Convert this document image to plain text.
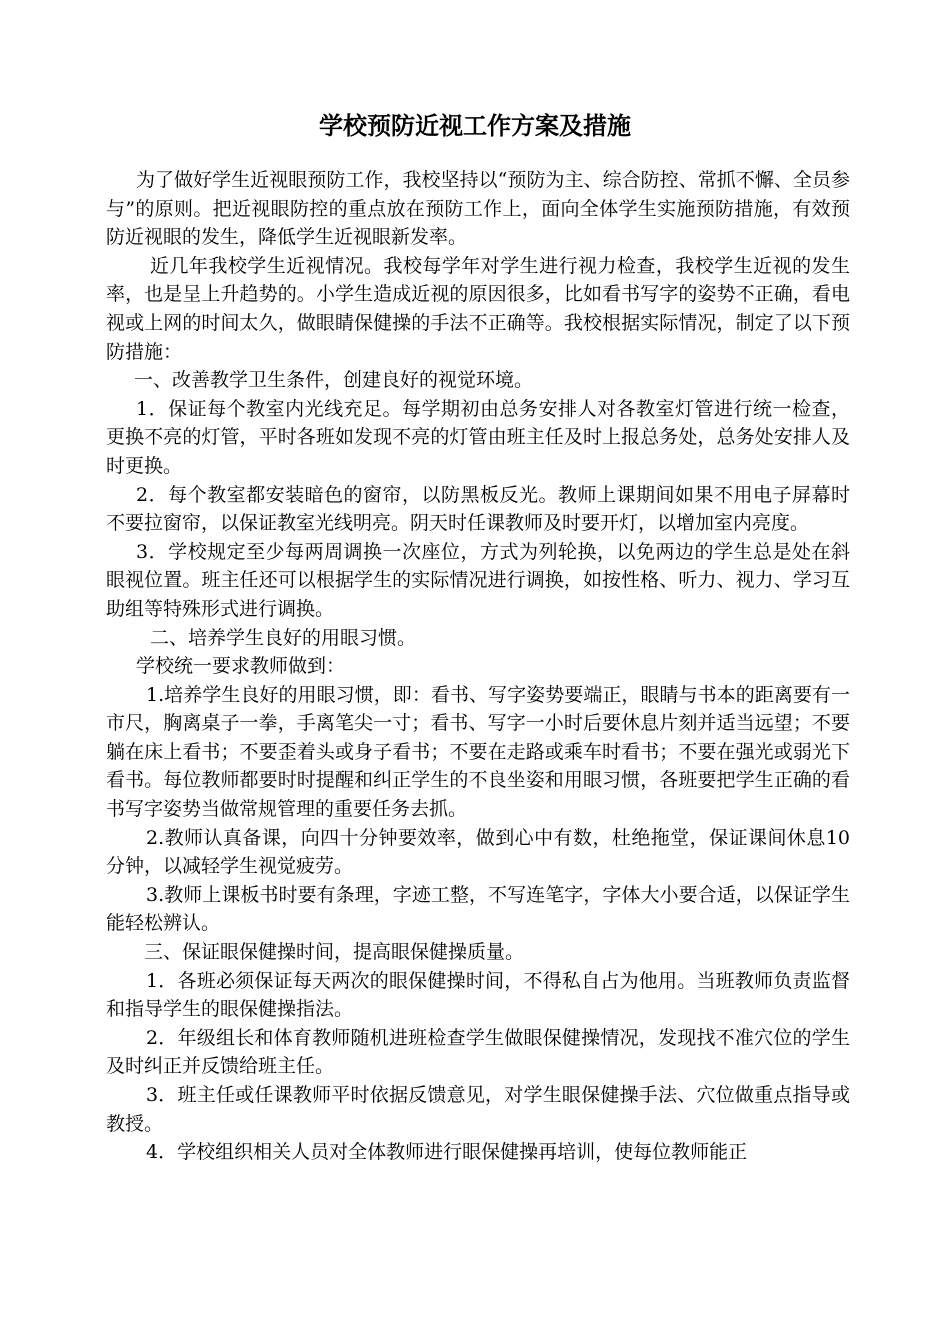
学校预防近视工作方案及措施

为了做好学生近视眼预防工作，我校坚持以“预防为主、综合防控、常抓不懈、全员参与”的原则。把近视眼防控的重点放在预防工作上，面向全体学生实施预防措施，有效预防近视眼的发生，降低学生近视眼新发率。

近几年我校学生近视情况。我校每学年对学生进行视力检查，我校学生近视的发生率，也是呈上升趋势的。小学生造成近视的原因很多，比如看书写字的姿势不正确，看电视或上网的时间太久，做眼睛保健操的手法不正确等。我校根据实际情况，制定了以下预防措施：

一、改善教学卫生条件，创建良好的视觉环境。

1．保证每个教室内光线充足。每学期初由总务安排人对各教室灯管进行统一检查，更换不亮的灯管，平时各班如发现不亮的灯管由班主任及时上报总务处，总务处安排人及时更换。

2．每个教室都安装暗色的窗帘，以防黑板反光。教师上课期间如果不用电子屏幕时不要拉窗帘，以保证教室光线明亮。阴天时任课教师及时要开灯，以增加室内亮度。

3．学校规定至少每两周调换一次座位，方式为列轮换，以免两边的学生总是处在斜眼视位置。班主任还可以根据学生的实际情况进行调换，如按性格、听力、视力、学习互助组等特殊形式进行调换。

二、培养学生良好的用眼习惯。

学校统一要求教师做到：

1.培养学生良好的用眼习惯，即：看书、写字姿势要端正，眼睛与书本的距离要有一市尺，胸离桌子一拳，手离笔尖一寸；看书、写字一小时后要休息片刻并适当远望；不要躺在床上看书；不要歪着头或身子看书；不要在走路或乘车时看书；不要在强光或弱光下看书。每位教师都要时时提醒和纠正学生的不良坐姿和用眼习惯，各班要把学生正确的看书写字姿势当做常规管理的重要任务去抓。

2.教师认真备课，向四十分钟要效率，做到心中有数，杜绝拖堂，保证课间休息10分钟，以减轻学生视觉疲劳。

3.教师上课板书时要有条理，字迹工整，不写连笔字，字体大小要合适，以保证学生能轻松辨认。

三、保证眼保健操时间，提高眼保健操质量。

1．各班必须保证每天两次的眼保健操时间，不得私自占为他用。当班教师负责监督和指导学生的眼保健操指法。

2．年级组长和体育教师随机进班检查学生做眼保健操情况，发现找不准穴位的学生及时纠正并反馈给班主任。

3．班主任或任课教师平时依据反馈意见，对学生眼保健操手法、穴位做重点指导或教授。

4．学校组织相关人员对全体教师进行眼保健操再培训，使每位教师能正
